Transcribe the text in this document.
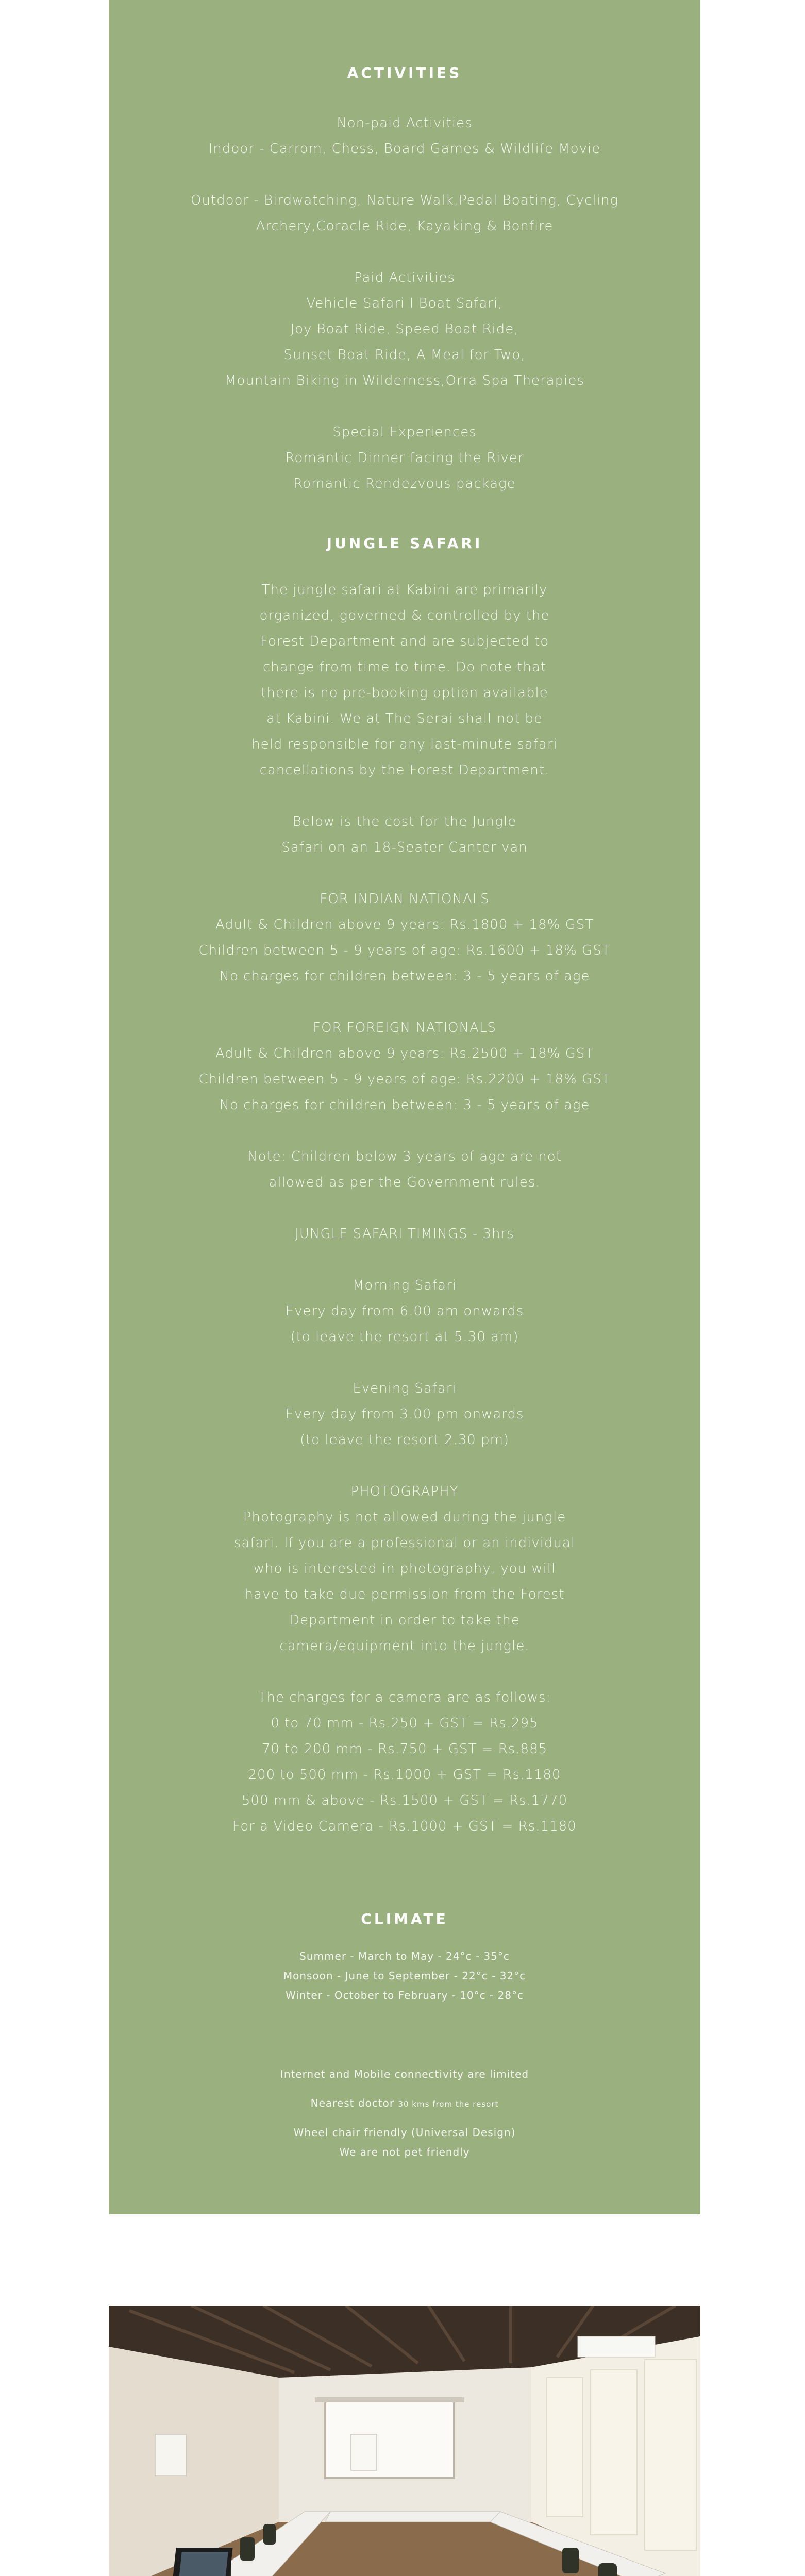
ACTIVITIES

Non-paid Activities
Indoor - Carrom, Chess, Board Games & Wildlife Movie

Outdoor - Birdwatching, Nature Walk,Pedal Boating, Cycling
Archery,Coracle Ride, Kayaking & Bonfire

Paid Activities
Vehicle Safari I Boat Safari,
Joy Boat Ride, Speed Boat Ride,
Sunset Boat Ride, A Meal for Two,
Mountain Biking in Wilderness,Orra Spa Therapies

Special Experiences
Romantic Dinner facing the River
Romantic Rendezvous package

JUNGLE SAFARI

The jungle safari at Kabini are primarily
organized, governed & controlled by the
Forest Department and are subjected to
change from time to time. Do note that
there is no pre-booking option available
at Kabini. We at The Serai shall not be
held responsible for any last-minute safari
cancellations by the Forest Department.

Below is the cost for the Jungle
Safari on an 18-Seater Canter van

FOR INDIAN NATIONALS
Adult & Children above 9 years: Rs.1800 + 18% GST
Children between 5 - 9 years of age: Rs.1600 + 18% GST
No charges for children between: 3 - 5 years of age

FOR FOREIGN NATIONALS
Adult & Children above 9 years: Rs.2500 + 18% GST
Children between 5 - 9 years of age: Rs.2200 + 18% GST
No charges for children between: 3 - 5 years of age

Note: Children below 3 years of age are not
allowed as per the Government rules.

JUNGLE SAFARI TIMINGS - 3hrs

Morning Safari
Every day from 6.00 am onwards
(to leave the resort at 5.30 am)

Evening Safari
Every day from 3.00 pm onwards
(to leave the resort 2.30 pm)

PHOTOGRAPHY
Photography is not allowed during the jungle
safari. If you are a professional or an individual
who is interested in photography, you will
have to take due permission from the Forest
Department in order to take the
camera/equipment into the jungle.

The charges for a camera are as follows:
0 to 70 mm - Rs.250 + GST = Rs.295
70 to 200 mm - Rs.750 + GST = Rs.885
200 to 500 mm - Rs.1000 + GST = Rs.1180
500 mm & above - Rs.1500 + GST = Rs.1770
For a Video Camera - Rs.1000 + GST = Rs.1180

CLIMATE

Summer - March to May - 24°c - 35°c
Monsoon - June to September - 22°c - 32°c
Winter - October to February - 10°c - 28°c

Internet and Mobile connectivity are limited
Nearest doctor 30 kms from the resort

Wheel chair friendly (Universal Design)
We are not pet friendly
